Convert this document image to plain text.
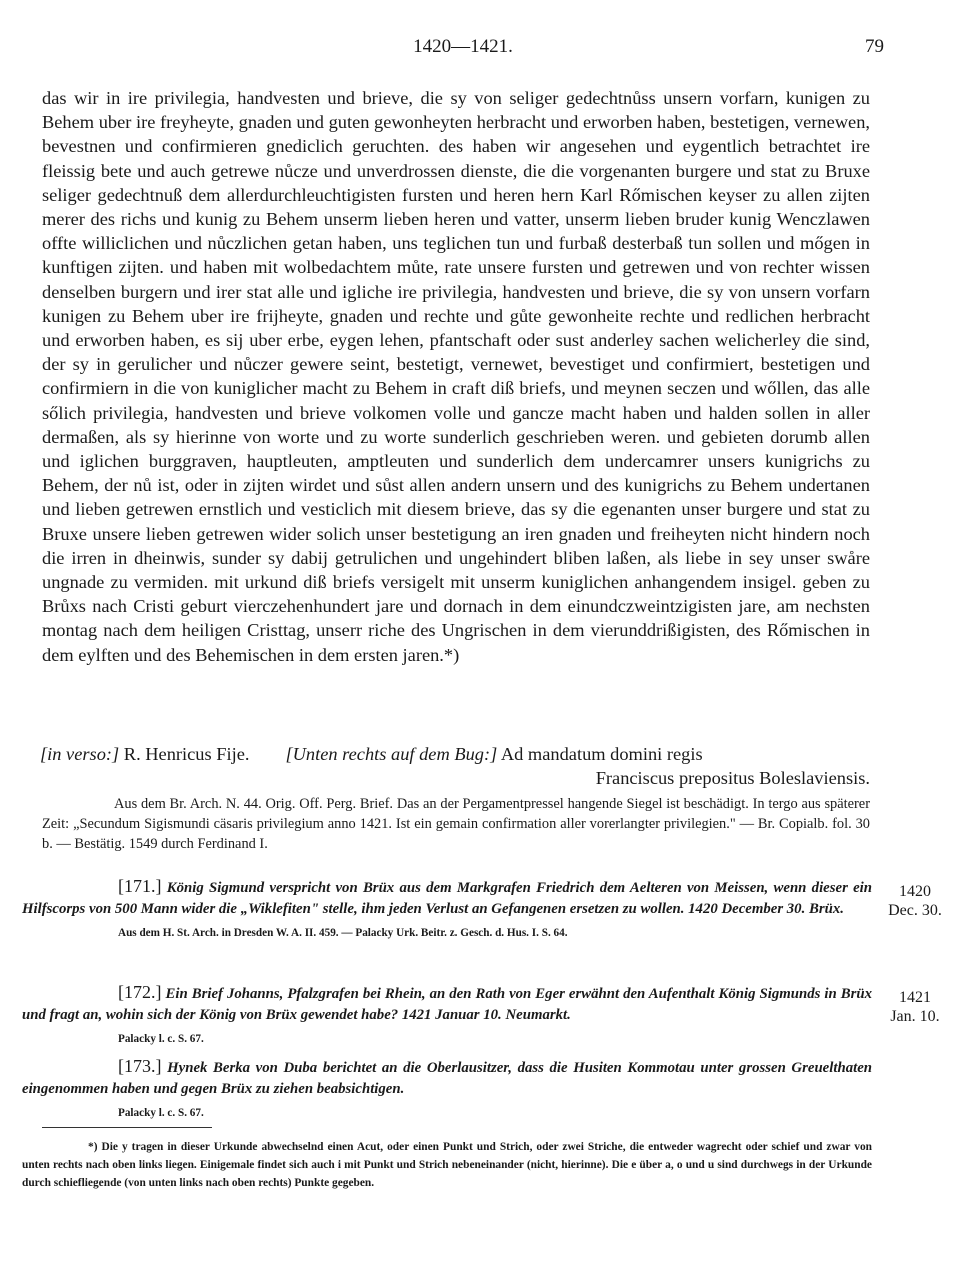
1420—1421.	79

das wir in ire privilegia, handvesten und brieve, die sy von seliger gedechtnůss unsern vorfarn, kunigen zu Behem uber ire freyheyte, gnaden und guten gewonheyten herbracht und erworben haben, bestetigen, vernewen, bevestnen und confirmieren gnediclich geruchten. des haben wir angesehen und eygentlich betrachtet ire fleissig bete und auch getrewe nůcze und unverdrossen dienste, die die vorgenanten burgere und stat zu Bruxe seliger gedechtnuß dem allerdurchleuchtigisten fursten und heren hern Karl Rőmischen keyser zu allen zijten merer des richs und kunig zu Behem unserm lieben heren und vatter, unserm lieben bruder kunig Wenczlawen offte williclichen und nůczlichen getan haben, uns teglichen tun und furbaß desterbaß tun sollen und mőgen in kunftigen zijten. und haben mit wolbedachtem můte, rate unsere fursten und getrewen und von rechter wissen denselben burgern und irer stat alle und igliche ire privilegia, handvesten und brieve, die sy von unsern vorfarn kunigen zu Behem uber ire frijheyte, gnaden und rechte und gůte gewonheite rechte und redlichen herbracht und erworben haben, es sij uber erbe, eygen lehen, pfantschaft oder sust anderley sachen welicherley die sind, der sy in gerulicher und nůczer gewere seint, bestetigt, vernewet, bevestiget und confirmiert, bestetigen und confirmiern in die von kuniglicher macht zu Behem in craft diß briefs, und meynen seczen und wőllen, das alle sőlich privilegia, handvesten und brieve volkomen volle und gancze macht haben und halden sollen in aller dermaßen, als sy hierinne von worte und zu worte sunderlich geschrieben weren. und gebieten dorumb allen und iglichen burggraven, hauptleuten, amptleuten und sunderlich dem undercamrer unsers kunigrichs zu Behem, der nů ist, oder in zijten wirdet und sůst allen andern unsern und des kunigrichs zu Behem undertanen und lieben getrewen ernstlich und vesticlich mit diesem brieve, das sy die egenanten unser burgere und stat zu Bruxe unsere lieben getrewen wider solich unser bestetigung an iren gnaden und freiheyten nicht hindern noch die irren in dheinwis, sunder sy dabij getrulichen und ungehindert bliben laßen, als liebe in sey unser swåre ungnade zu vermiden. mit urkund diß briefs versigelt mit unserm kuniglichen anhangendem insigel. geben zu Brůxs nach Cristi geburt vierczehenhundert jare und dornach in dem einundczweintzigisten jare, am nechsten montag nach dem heiligen Cristtag, unserr riche des Ungrischen in dem vierunddrißigisten, des Rőmischen in dem eylften und des Behemischen in dem ersten jaren.*)

[in verso:] R. Henricus Fije. [Unten rechts auf dem Bug:] Ad mandatum domini regis
Franciscus prepositus Boleslaviensis.

Aus dem Br. Arch. N. 44. Orig. Off. Perg. Brief. Das an der Pergamentpressel hangende Siegel ist beschädigt. In tergo aus späterer Zeit: „Secundum Sigismundi cäsaris privilegium anno 1421. Ist ein gemain confirmation aller vorerlangter privilegien." — Br. Copialb. fol. 30 b. — Bestätig. 1549 durch Ferdinand I.

[171.] König Sigmund verspricht von Brüx aus dem Markgrafen Friedrich dem Aelteren von Meissen, wenn dieser ein Hilfscorps von 500 Mann wider die „Wiklefiten" stelle, ihm jeden Verlust an Gefangenen ersetzen zu wollen. 1420 December 30. Brüx.

Aus dem H. St. Arch. in Dresden W. A. II. 459. — Palacky Urk. Beitr. z. Gesch. d. Hus. I. S. 64.

1420
Dec. 30.

[172.] Ein Brief Johanns, Pfalzgrafen bei Rhein, an den Rath von Eger erwähnt den Aufenthalt König Sigmunds in Brüx und fragt an, wohin sich der König von Brüx gewendet habe? 1421 Januar 10. Neumarkt.

Palacky l. c. S. 67.

1421
Jan. 10.

[173.] Hynek Berka von Duba berichtet an die Oberlausitzer, dass die Husiten Kommotau unter grossen Greuelthaten eingenommen haben und gegen Brüx zu ziehen beabsichtigen.

Palacky l. c. S. 67.

*) Die y tragen in dieser Urkunde abwechselnd einen Acut, oder einen Punkt und Strich, oder zwei Striche, die entweder wagrecht oder schief und zwar von unten rechts nach oben links liegen. Einigemale findet sich auch i mit Punkt und Strich nebeneinander (nicht, hierinne). Die e über a, o und u sind durchwegs in der Urkunde durch schiefliegende (von unten links nach oben rechts) Punkte gegeben.
